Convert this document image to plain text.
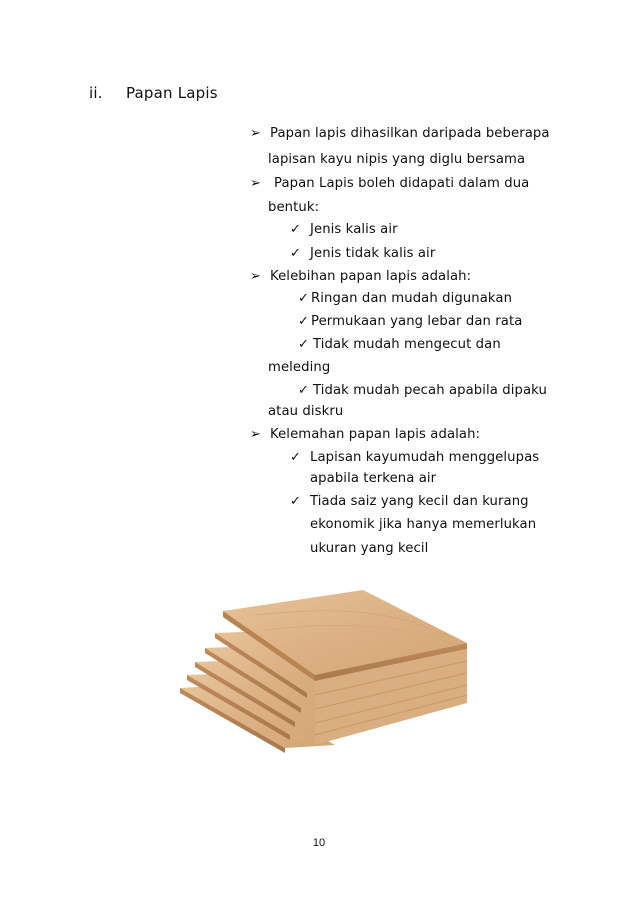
ii. Papan Lapis
➢ Papan lapis dihasilkan daripada beberapa
lapisan kayu nipis yang diglu bersama
➢ Papan Lapis boleh didapati dalam dua
bentuk:
✓ Jenis kalis air
✓ Jenis tidak kalis air
➢ Kelebihan papan lapis adalah:
✓ Ringan dan mudah digunakan
✓ Permukaan yang lebar dan rata
✓ Tidak mudah mengecut dan
meleding
✓ Tidak mudah pecah apabila dipaku
atau diskru
➢ Kelemahan papan lapis adalah:
✓ Lapisan kayumudah menggelupas
apabila terkena air
✓ Tiada saiz yang kecil dan kurang
ekonomik jika hanya memerlukan
ukuran yang kecil
10
